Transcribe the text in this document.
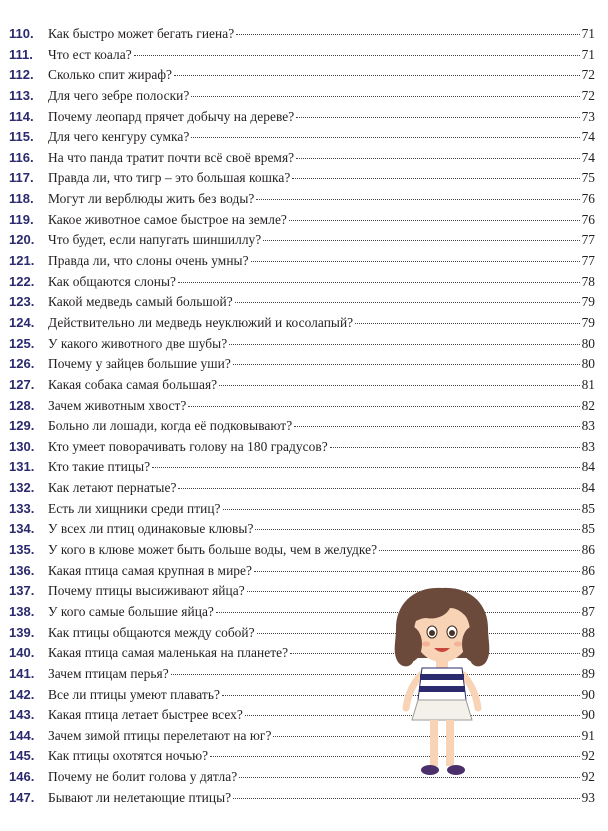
110.	Как быстро может бегать гиена?	71
111.	Что ест коала?	71
112.	Сколько спит жираф?	72
113.	Для чего зебре полоски?	72
114.	Почему леопард прячет добычу на дереве?	73
115.	Для чего кенгуру сумка?	74
116.	На что панда тратит почти всё своё время?	74
117.	Правда ли, что тигр – это большая кошка?	75
118.	Могут ли верблюды жить без воды?	76
119.	Какое животное самое быстрое на земле?	76
120.	Что будет, если напугать шиншиллу?	77
121.	Правда ли, что слоны очень умны?	77
122.	Как общаются слоны?	78
123.	Какой медведь самый большой?	79
124.	Действительно ли медведь неуклюжий и косолапый?	79
125.	У какого животного две шубы?	80
126.	Почему у зайцев большие уши?	80
127.	Какая собака самая большая?	81
128.	Зачем животным хвост?	82
129.	Больно ли лошади, когда её подковывают?	83
130.	Кто умеет поворачивать голову на 180 градусов?	83
131.	Кто такие птицы?	84
132.	Как летают пернатые?	84
133.	Есть ли хищники среди птиц?	85
134.	У всех ли птиц одинаковые клювы?	85
135.	У кого в клюве может быть больше воды, чем в желудке?	86
136.	Какая птица самая крупная в мире?	86
137.	Почему птицы высиживают яйца?	87
138.	У кого самые большие яйца?	87
139.	Как птицы общаются между собой?	88
140.	Какая птица самая маленькая на планете?	89
141.	Зачем птицам перья?	89
142.	Все ли птицы умеют плавать?	90
143.	Какая птица летает быстрее всех?	90
144.	Зачем зимой птицы перелетают на юг?	91
145.	Как птицы охотятся ночью?	92
146.	Почему не болит голова у дятла?	92
147.	Бывают ли нелетающие птицы?	93
